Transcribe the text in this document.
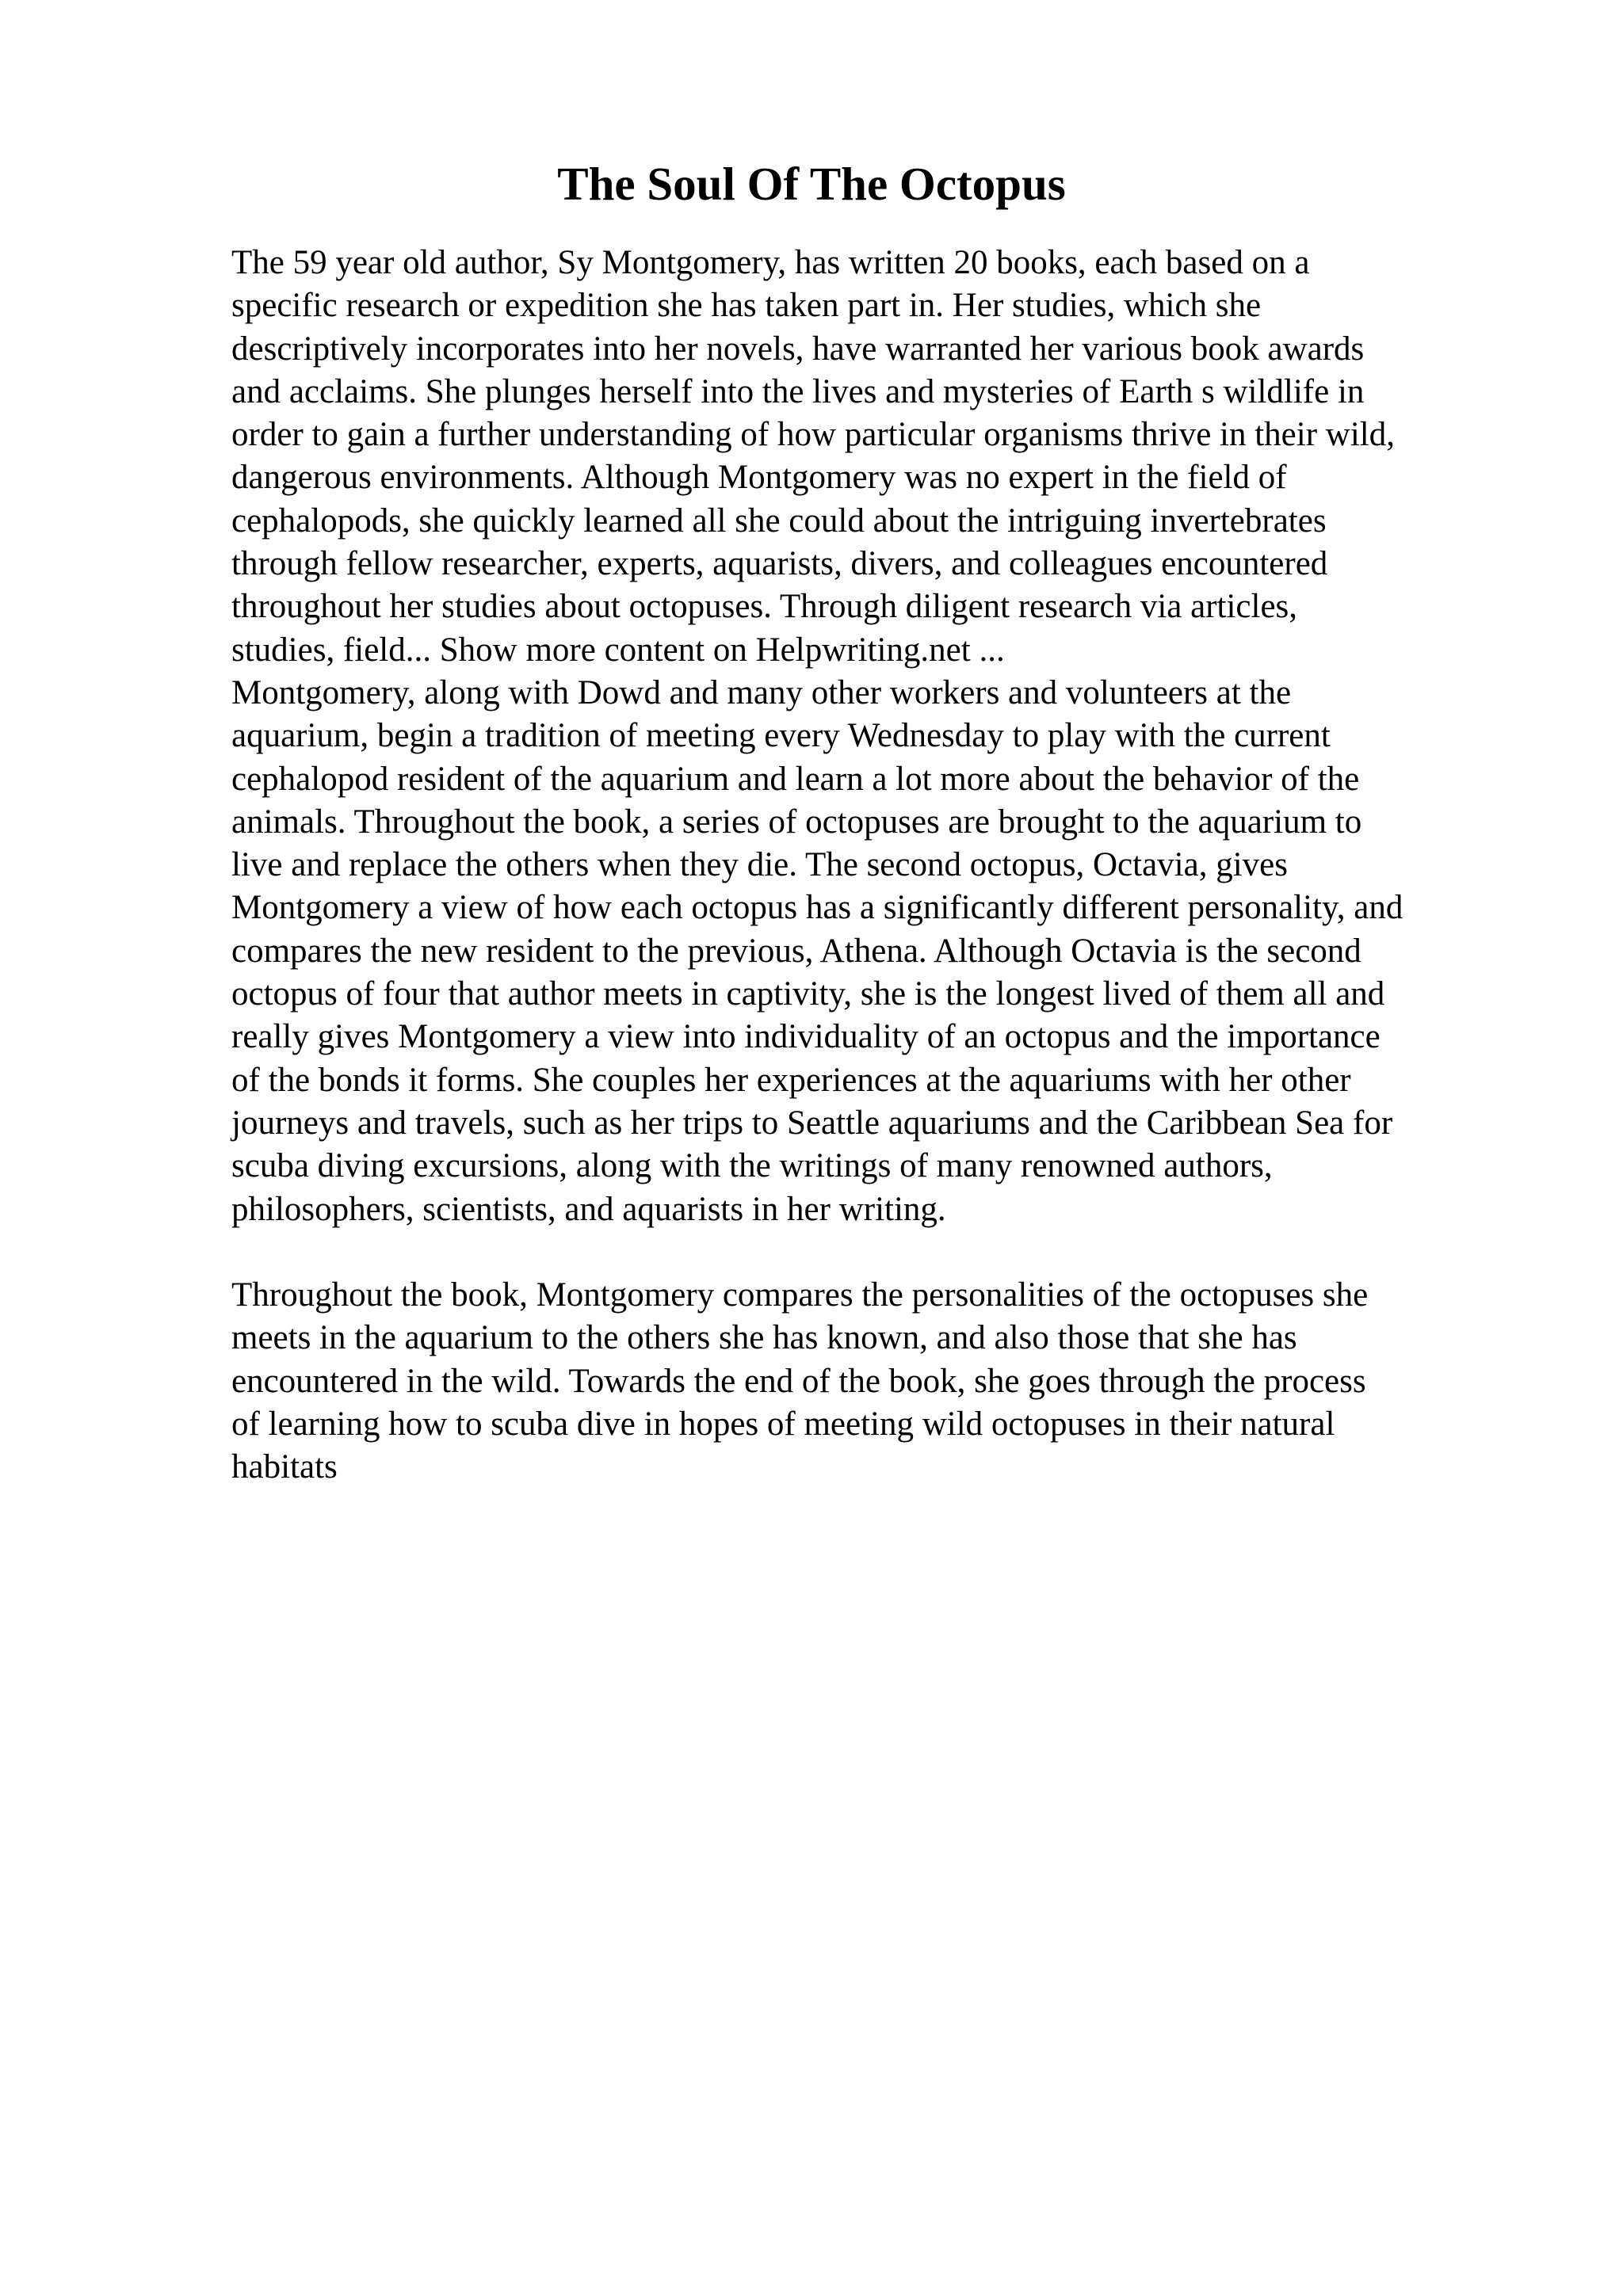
The Soul Of The Octopus

The 59 year old author, Sy Montgomery, has written 20 books, each based on a
specific research or expedition she has taken part in. Her studies, which she
descriptively incorporates into her novels, have warranted her various book awards
and acclaims. She plunges herself into the lives and mysteries of Earth s wildlife in
order to gain a further understanding of how particular organisms thrive in their wild,
dangerous environments. Although Montgomery was no expert in the field of
cephalopods, she quickly learned all she could about the intriguing invertebrates
through fellow researcher, experts, aquarists, divers, and colleagues encountered
throughout her studies about octopuses. Through diligent research via articles,
studies, field... Show more content on Helpwriting.net ...

Montgomery, along with Dowd and many other workers and volunteers at the
aquarium, begin a tradition of meeting every Wednesday to play with the current
cephalopod resident of the aquarium and learn a lot more about the behavior of the
animals. Throughout the book, a series of octopuses are brought to the aquarium to
live and replace the others when they die. The second octopus, Octavia, gives
Montgomery a view of how each octopus has a significantly different personality, and
compares the new resident to the previous, Athena. Although Octavia is the second
octopus of four that author meets in captivity, she is the longest lived of them all and
really gives Montgomery a view into individuality of an octopus and the importance
of the bonds it forms. She couples her experiences at the aquariums with her other
journeys and travels, such as her trips to Seattle aquariums and the Caribbean Sea for
scuba diving excursions, along with the writings of many renowned authors,
philosophers, scientists, and aquarists in her writing.

Throughout the book, Montgomery compares the personalities of the octopuses she
meets in the aquarium to the others she has known, and also those that she has
encountered in the wild. Towards the end of the book, she goes through the process
of learning how to scuba dive in hopes of meeting wild octopuses in their natural
habitats
